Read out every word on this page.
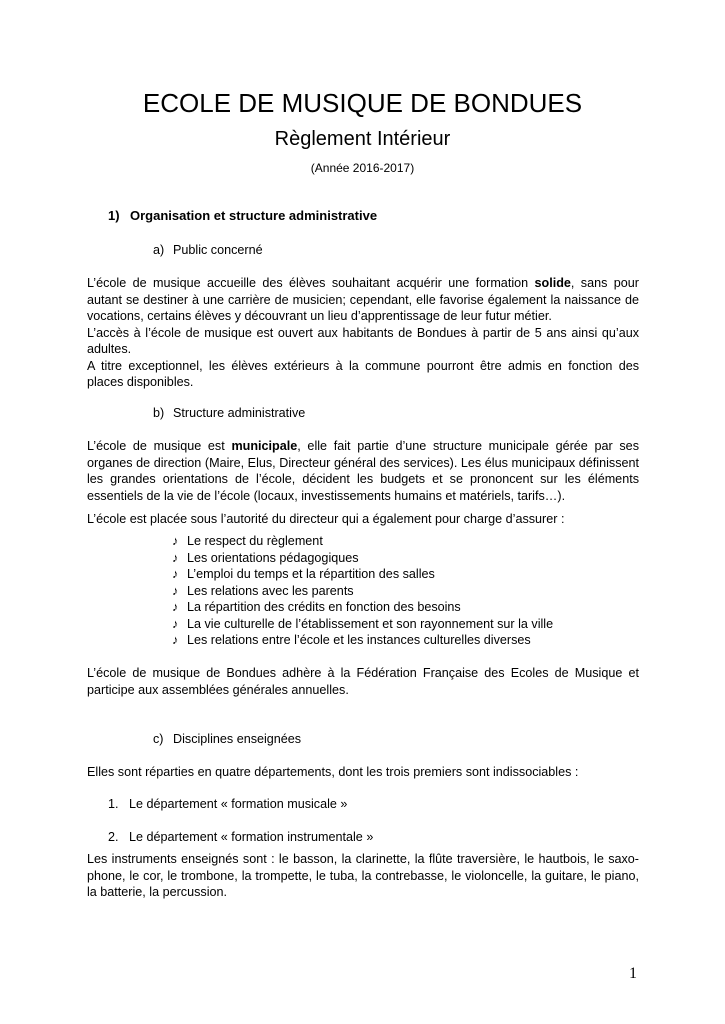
ECOLE DE MUSIQUE DE BONDUES
Règlement Intérieur
(Année 2016-2017)
1) Organisation et structure administrative
a) Public concerné

L’école de musique accueille des élèves souhaitant acquérir une formation solide, sans pour autant se destiner à une carrière de musicien; cependant, elle favorise également la naissance de vocations, certains élèves y découvrant un lieu d’apprentissage de leur futur métier.

L’accès à l’école de musique est ouvert aux habitants de Bondues à partir de 5 ans ainsi qu’aux adultes.

A titre exceptionnel, les élèves extérieurs à la commune pourront être admis en fonction des places disponibles.

b) Structure administrative

L’école de musique est municipale, elle fait partie d’une structure municipale gérée par ses organes de direction (Maire, Elus, Directeur général des services). Les élus municipaux définissent les grandes orientations de l’école, décident les budgets et se prononcent sur les éléments essentiels de la vie de l’école (locaux, investissements humains et matériels, tarifs…).

L’école est placée sous l’autorité du directeur qui a également pour charge d’assurer :

♪ Le respect du règlement
♪ Les orientations pédagogiques
♪ L’emploi du temps et la répartition des salles
♪ Les relations avec les parents
♪ La répartition des crédits en fonction des besoins
♪ La vie culturelle de l’établissement et son rayonnement sur la ville
♪ Les relations entre l’école et les instances culturelles diverses

L’école de musique de Bondues adhère à la Fédération Française des Ecoles de Musique et participe aux assemblées générales annuelles.

c) Disciplines enseignées

Elles sont réparties en quatre départements, dont les trois premiers sont indissociables :

1. Le département « formation musicale »
2. Le département « formation instrumentale »

Les instruments enseignés sont : le basson, la clarinette, la flûte traversière, le hautbois, le saxo-phone, le cor, le trombone, la trompette, le tuba, la contrebasse, le violoncelle, la guitare, le piano, la batterie, la percussion.

1
